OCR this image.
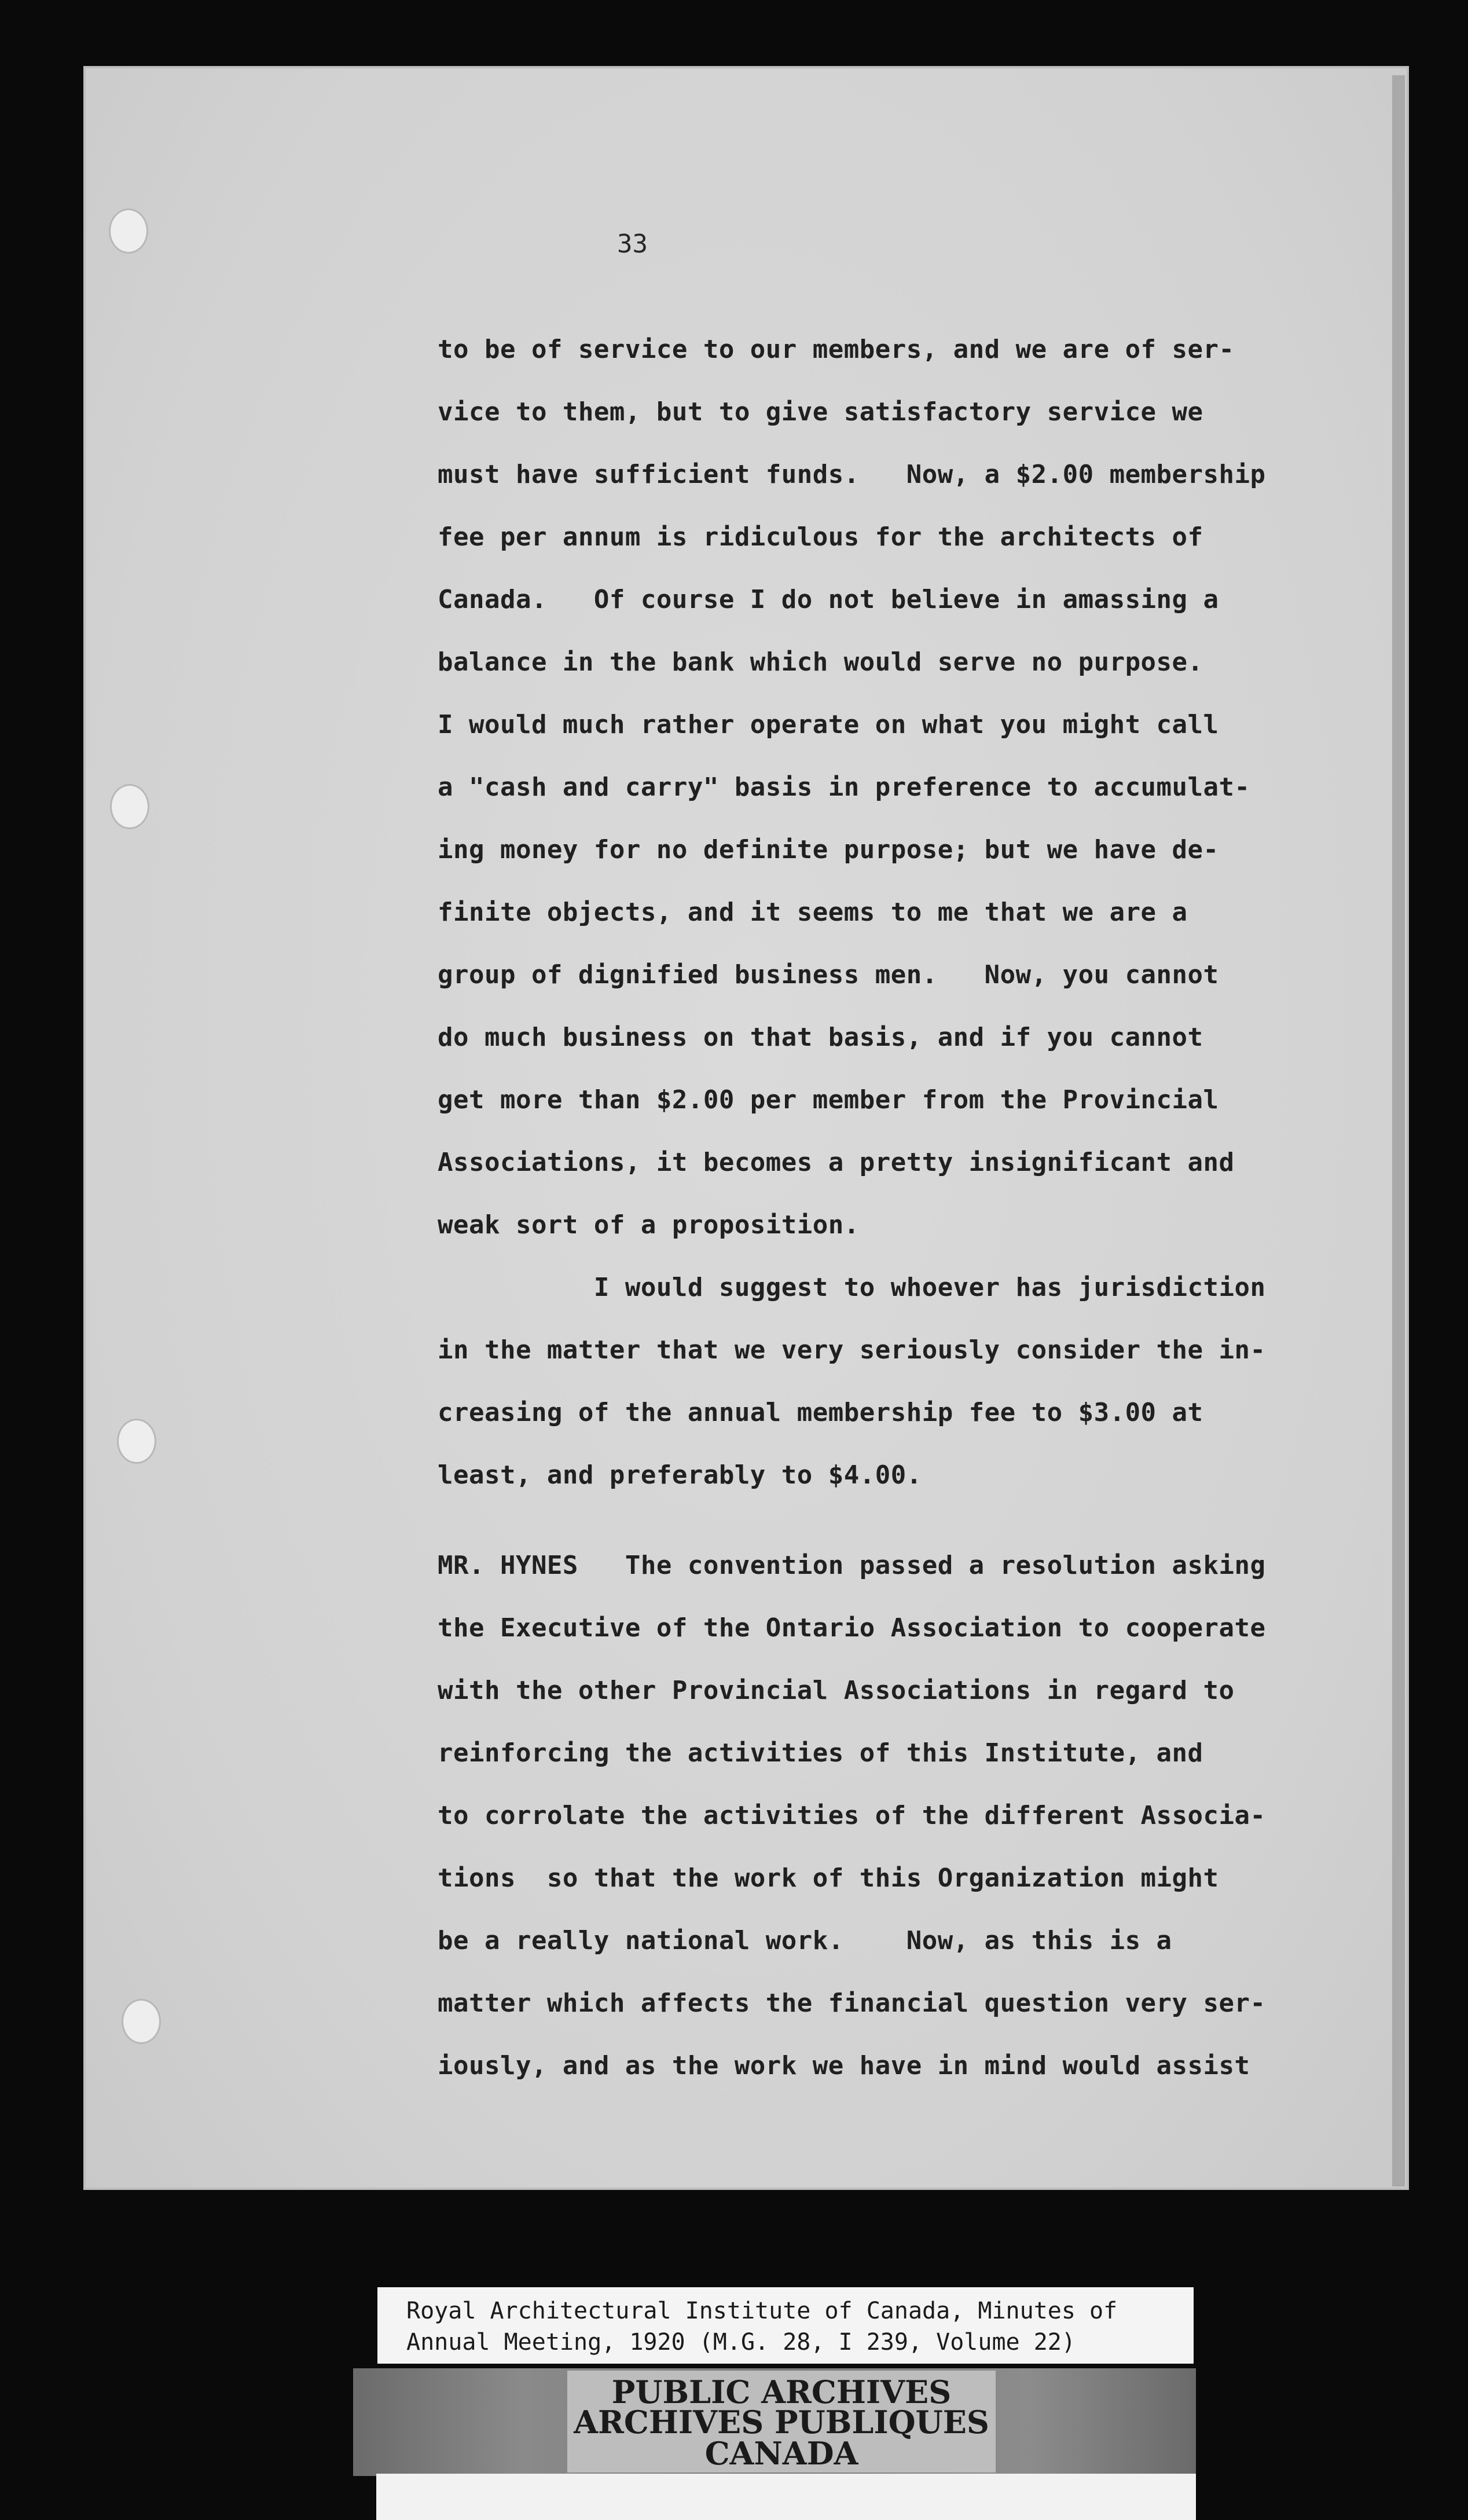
33
to be of service to our members, and we are of ser-
vice to them, but to give satisfactory service we
must have sufficient funds.   Now, a $2.00 membership
fee per annum is ridiculous for the architects of
Canada.   Of course I do not believe in amassing a
balance in the bank which would serve no purpose.
I would much rather operate on what you might call
a "cash and carry" basis in preference to accumulat-
ing money for no definite purpose; but we have de-
finite objects, and it seems to me that we are a
group of dignified business men.   Now, you cannot
do much business on that basis, and if you cannot
get more than $2.00 per member from the Provincial
Associations, it becomes a pretty insignificant and
weak sort of a proposition.
I would suggest to whoever has jurisdiction
in the matter that we very seriously consider the in-
creasing of the annual membership fee to $3.00 at
least, and preferably to $4.00.
MR. HYNES   The convention passed a resolution asking
the Executive of the Ontario Association to cooperate
with the other Provincial Associations in regard to
reinforcing the activities of this Institute, and
to corrolate the activities of the different Associa-
tions  so that the work of this Organization might
be a really national work.    Now, as this is a
matter which affects the financial question very ser-
iously, and as the work we have in mind would assist
Royal Architectural Institute of Canada, Minutes of
Annual Meeting, 1920 (M.G. 28, I 239, Volume 22)
PUBLIC ARCHIVES
ARCHIVES PUBLIQUES
CANADA
